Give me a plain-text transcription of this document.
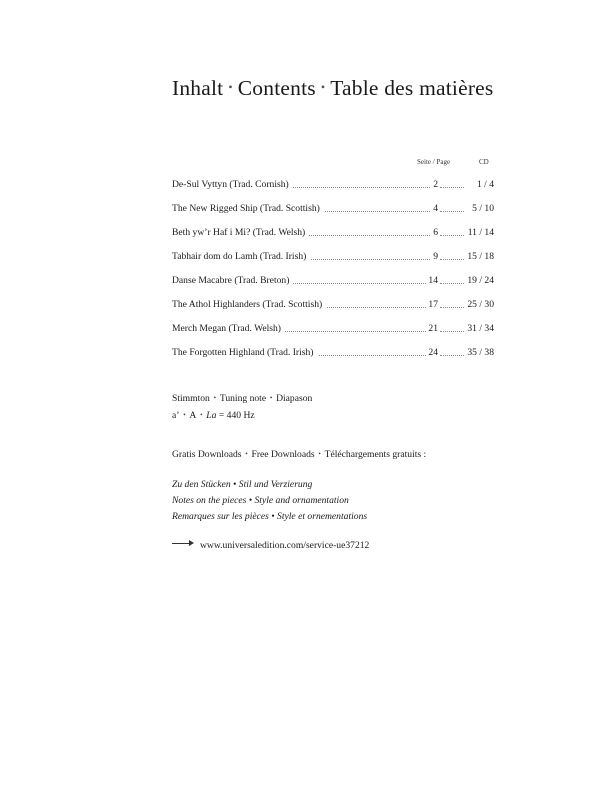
Inhalt • Contents • Table des matières
Seite / Page	CD
De-Sul Vyttyn (Trad. Cornish)	2	1 / 4
The New Rigged Ship (Trad. Scottish)	4	5 / 10
Beth yw’r Haf i Mi? (Trad. Welsh)	6	11 / 14
Tabhair dom do Lamh (Trad. Irish)	9	15 / 18
Danse Macabre (Trad. Breton)	14	19 / 24
The Athol Highlanders (Trad. Scottish)	17	25 / 30
Merch Megan (Trad. Welsh)	21	31 / 34
The Forgotten Highland (Trad. Irish)	24	35 / 38
Stimmton • Tuning note • Diapason
a’ • A • La = 440 Hz
Gratis Downloads • Free Downloads • Téléchargements gratuits :
Zu den Stücken • Stil und Verzierung
Notes on the pieces • Style and ornamentation
Remarques sur les pièces • Style et ornementations
www.universaledition.com/service-ue37212
